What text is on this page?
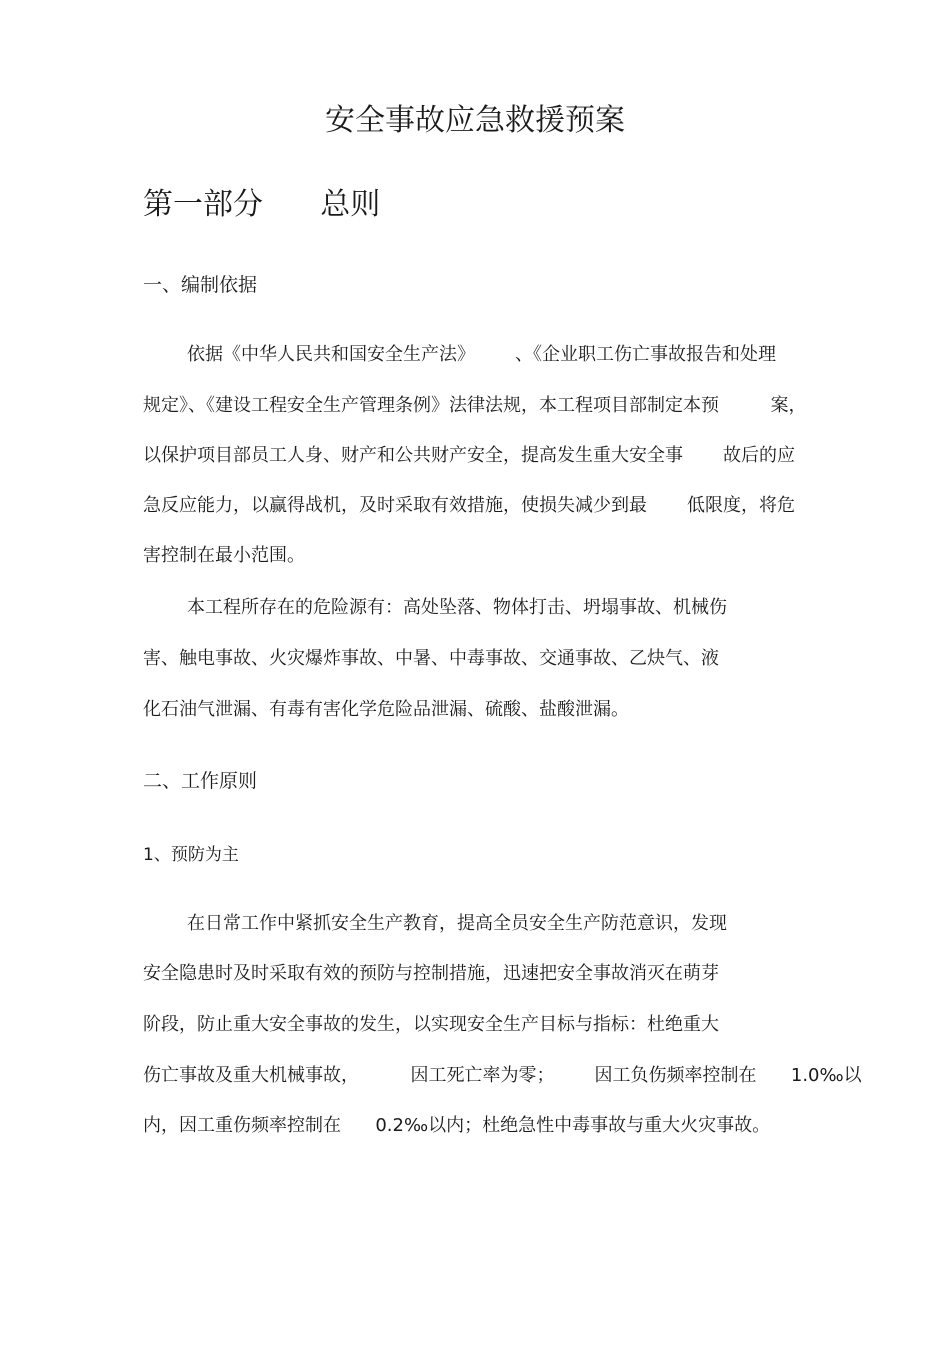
安全事故应急救援预案
第一部分      总则
一、编制依据
依据《中华人民共和国安全生产法》       、《企业职工伤亡事故报告和处理
规定》、《建设工程安全生产管理条例》法律法规，本工程项目部制定本预         案，
以保护项目部员工人身、财产和公共财产安全，提高发生重大安全事       故后的应
急反应能力，以赢得战机，及时采取有效措施，使损失减少到最       低限度，将危
害控制在最小范围。
本工程所存在的危险源有：高处坠落、物体打击、坍塌事故、机械伤
害、触电事故、火灾爆炸事故、中暑、中毒事故、交通事故、乙炔气、液
化石油气泄漏、有毒有害化学危险品泄漏、硫酸、盐酸泄漏。
二、工作原则
1、预防为主
在日常工作中紧抓安全生产教育，提高全员安全生产防范意识，发现
安全隐患时及时采取有效的预防与控制措施，迅速把安全事故消灭在萌芽
阶段，防止重大安全事故的发生，以实现安全生产目标与指标：杜绝重大
伤亡事故及重大机械事故，         因工死亡率为零；       因工负伤频率控制在      1.0‰以
内，因工重伤频率控制在      0.2‰以内；杜绝急性中毒事故与重大火灾事故。
